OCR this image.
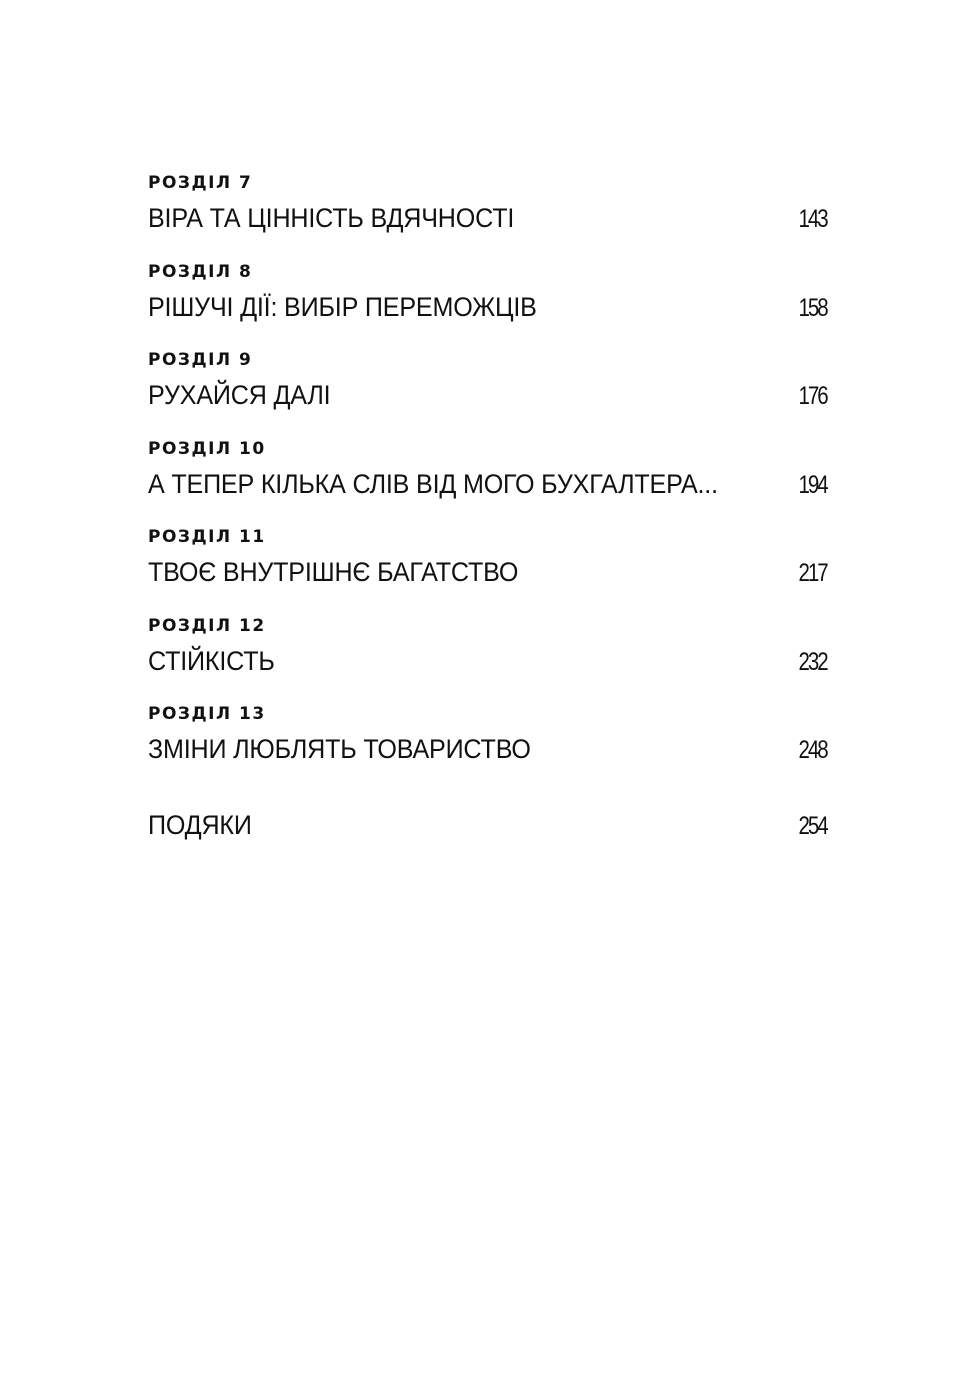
РОЗДІЛ 7
ВІРА ТА ЦІННІСТЬ ВДЯЧНОСТІ	143
РОЗДІЛ 8
РІШУЧІ ДІЇ: ВИБІР ПЕРЕМОЖЦІВ	158
РОЗДІЛ 9
РУХАЙСЯ ДАЛІ	176
РОЗДІЛ 10
А ТЕПЕР КІЛЬКА СЛІВ ВІД МОГО БУХГАЛТЕРА...	194
РОЗДІЛ 11
ТВОЄ ВНУТРІШНЄ БАГАТСТВО	217
РОЗДІЛ 12
СТІЙКІСТЬ	232
РОЗДІЛ 13
ЗМІНИ ЛЮБЛЯТЬ ТОВАРИСТВО	248
ПОДЯКИ	254
